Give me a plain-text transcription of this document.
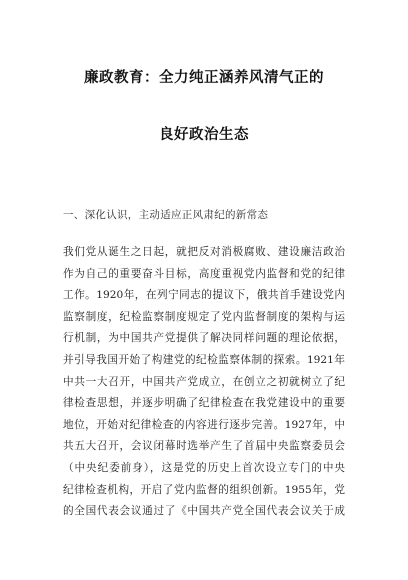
廉政教育：全力纯正涵养风清气正的
良好政治生态
一、深化认识，主动适应正风肃纪的新常态
我们党从诞生之日起，就把反对消极腐败、建设廉洁政治
作为自己的重要奋斗目标，高度重视党内监督和党的纪律
工作。1920年，在列宁同志的提议下，俄共首手建设党内
监察制度，纪检监察制度规定了党内监督制度的架构与运
行机制，为中国共产党提供了解决同样问题的理论依据，
并引导我国开始了构建党的纪检监察体制的探索。1921年
中共一大召开，中国共产党成立，在创立之初就树立了纪
律检查思想，并逐步明确了纪律检查在我党建设中的重要
地位，开始对纪律检查的内容进行逐步完善。1927年，中
共五大召开，会议闭幕时选举产生了首届中央监察委员会
（中央纪委前身），这是党的历史上首次设立专门的中央
纪律检查机构，开启了党内监督的组织创新。1955年，党
的全国代表会议通过了《中国共产党全国代表会议关于成
